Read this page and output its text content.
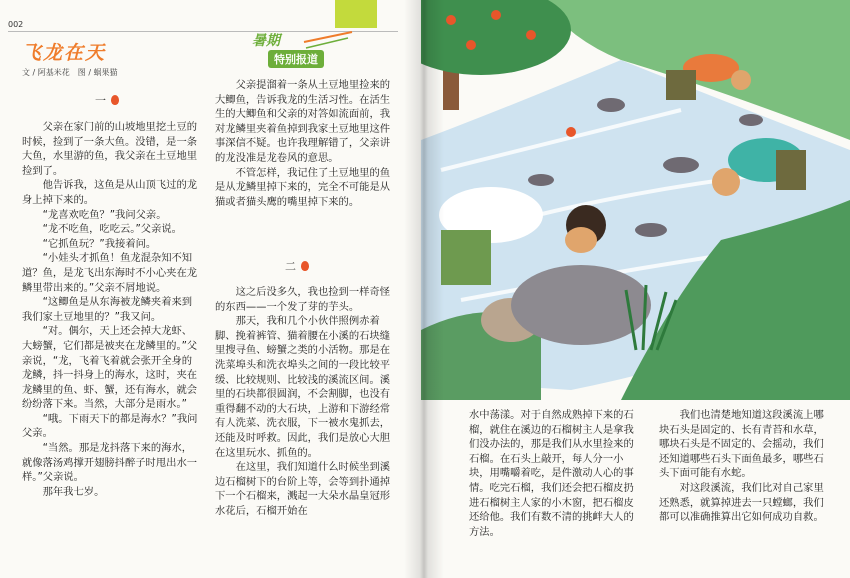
002
飞龙在天
文 / 阿基米花　图 / 蜗果猫
暑期
特别报道
一

父亲在家门前的山坡地里挖土豆的时候，捡到了一条大鱼。没错，是一条大鱼，水里游的鱼，我父亲在土豆地里捡到了。

他告诉我，这鱼是从山顶飞过的龙身上掉下来的。

“龙喜欢吃鱼？”我问父亲。

“龙不吃鱼，吃吃云。”父亲说。

“它抓鱼玩？”我接着问。

“小娃头才抓鱼！鱼龙混杂知不知道？鱼，是龙飞出东海时不小心夹在龙鳞里带出来的。”父亲不屑地说。

“这鲫鱼是从东海被龙鳞夹着来到我们家土豆地里的？”我又问。

“对。偶尔，天上还会掉大龙虾、大螃蟹，它们都是被夹在龙鳞里的。”父亲说，“龙，飞着飞着就会张开全身的龙鳞，抖一抖身上的海水，这时，夹在龙鳞里的鱼、虾、蟹，还有海水，就会纷纷落下来。当然，大部分是雨水。”

“哦。下雨天下的都是海水？”我问父亲。

“当然。那是龙抖落下来的海水，就像落汤鸡撑开翅膀抖醉子时甩出水一样。”父亲说。

那年我七岁。

父亲提溜着一条从土豆地里捡来的大鲫鱼，告诉我龙的生活习性。在活生生的大鲫鱼和父亲的对答如流面前，我对龙鳞里夹着鱼掉到我家土豆地里这件事深信不疑。也许我理解错了，父亲讲的龙没准是龙卷风的意思。

不管怎样，我记住了土豆地里的鱼是从龙鳞里掉下来的，完全不可能是从猫或者猫头鹰的嘴里掉下来的。

二

这之后没多久，我也捡到一样奇怪的东西——一个发了芽的芋头。

那天，我和几个小伙伴照例赤着脚、挽着裤管、猫着腰在小溪的石块缝里搜寻鱼、螃蟹之类的小活物。那是在洗菜埠头和洗衣埠头之间的一段比较平缓、比较规则、比较浅的溪流区间。溪里的石块都很圆润，不会割脚，也没有重得翻不动的大石块，上游和下游经常有人洗菜、洗衣服，下一被水鬼抓去，还能及时呼救。因此，我们是放心大胆在这里玩水、抓鱼的。

在这里，我们知道什么时候坐到溪边石榴树下的台阶上等，会等到扑通掉下一个石榴来，溅起一大朵水晶皇冠形水花后，石榴开始在

水中荡漾。对于自然成熟掉下来的石榴，就住在溪边的石榴树主人是拿我们没办法的，那是我们从水里捡来的石榴。在石头上敲开，每人分一小块，用嘴嚼着吃，是件激动人心的事情。吃完石榴，我们还会把石榴皮扔进石榴树主人家的小木窗，把石榴皮还给他。我们有数不清的挑衅大人的方法。

我们也清楚地知道这段溪流上哪块石头是固定的、长有青苔和水草，哪块石头是不固定的、会摇动，我们还知道哪些石头下面鱼最多，哪些石头下面可能有水蛇。

对这段溪流，我们比对自己家里还熟悉，就算掉进去一只螳螂，我们都可以准确推算出它如何成功自救。
